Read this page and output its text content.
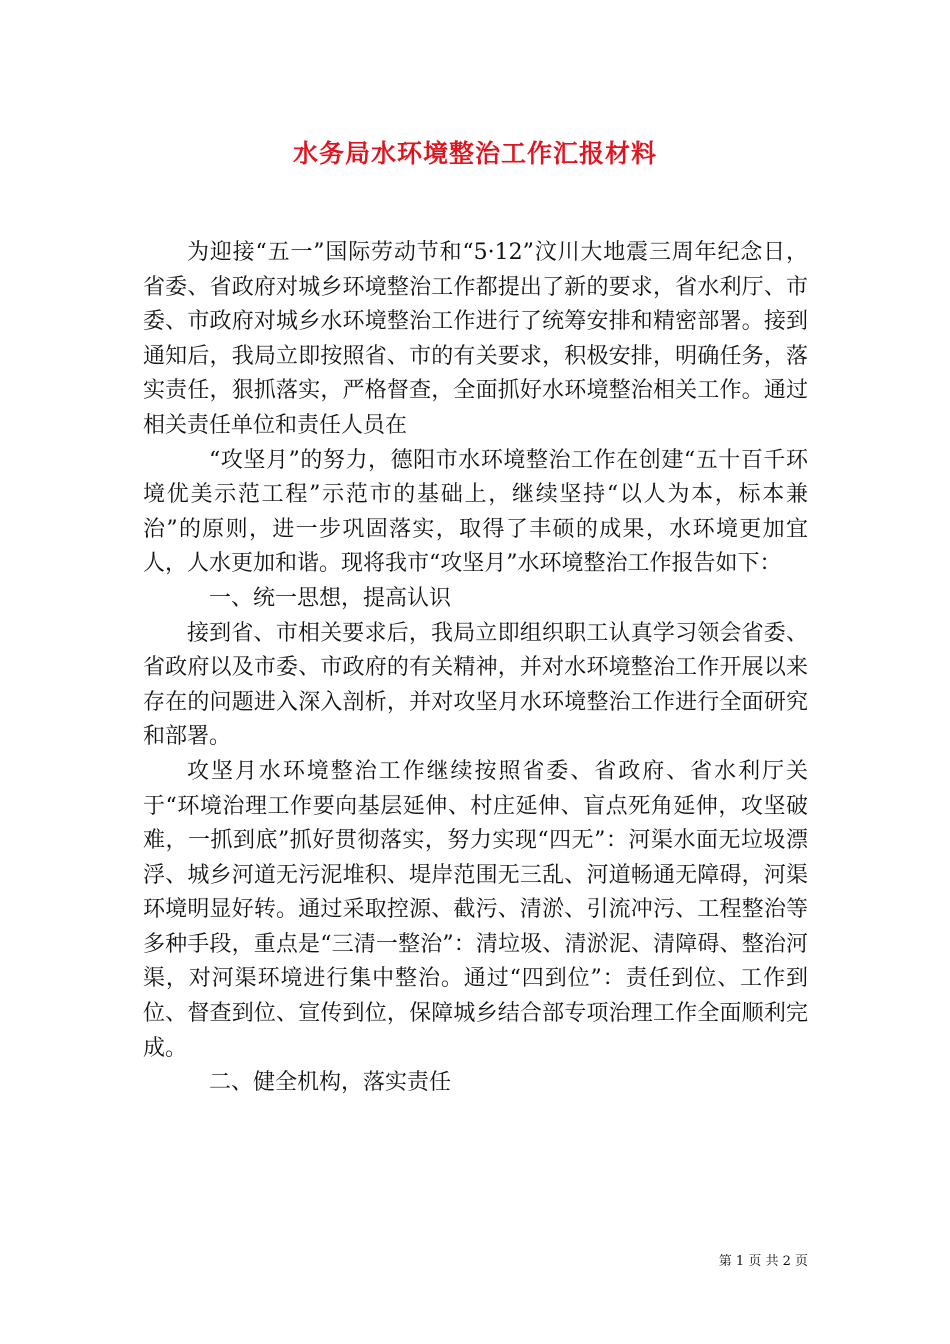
水务局水环境整治工作汇报材料

为迎接“五一”国际劳动节和“5·12”汶川大地震三周年纪念日，省委、省政府对城乡环境整治工作都提出了新的要求，省水利厅、市委、市政府对城乡水环境整治工作进行了统筹安排和精密部署。接到通知后，我局立即按照省、市的有关要求，积极安排，明确任务，落实责任，狠抓落实，严格督查，全面抓好水环境整治相关工作。通过相关责任单位和责任人员在

“攻坚月”的努力，德阳市水环境整治工作在创建“五十百千环境优美示范工程”示范市的基础上，继续坚持“以人为本，标本兼治”的原则，进一步巩固落实，取得了丰硕的成果，水环境更加宜人，人水更加和谐。现将我市“攻坚月”水环境整治工作报告如下：

一、统一思想，提高认识

接到省、市相关要求后，我局立即组织职工认真学习领会省委、省政府以及市委、市政府的有关精神，并对水环境整治工作开展以来存在的问题进入深入剖析，并对攻坚月水环境整治工作进行全面研究和部署。

攻坚月水环境整治工作继续按照省委、省政府、省水利厅关于“环境治理工作要向基层延伸、村庄延伸、盲点死角延伸，攻坚破难，一抓到底”抓好贯彻落实，努力实现“四无”：河渠水面无垃圾漂浮、城乡河道无污泥堆积、堤岸范围无三乱、河道畅通无障碍，河渠环境明显好转。通过采取控源、截污、清淤、引流冲污、工程整治等多种手段，重点是“三清一整治”：清垃圾、清淤泥、清障碍、整治河渠，对河渠环境进行集中整治。通过“四到位”：责任到位、工作到位、督查到位、宣传到位，保障城乡结合部专项治理工作全面顺利完成。

二、健全机构，落实责任

第 1 页 共 2 页
